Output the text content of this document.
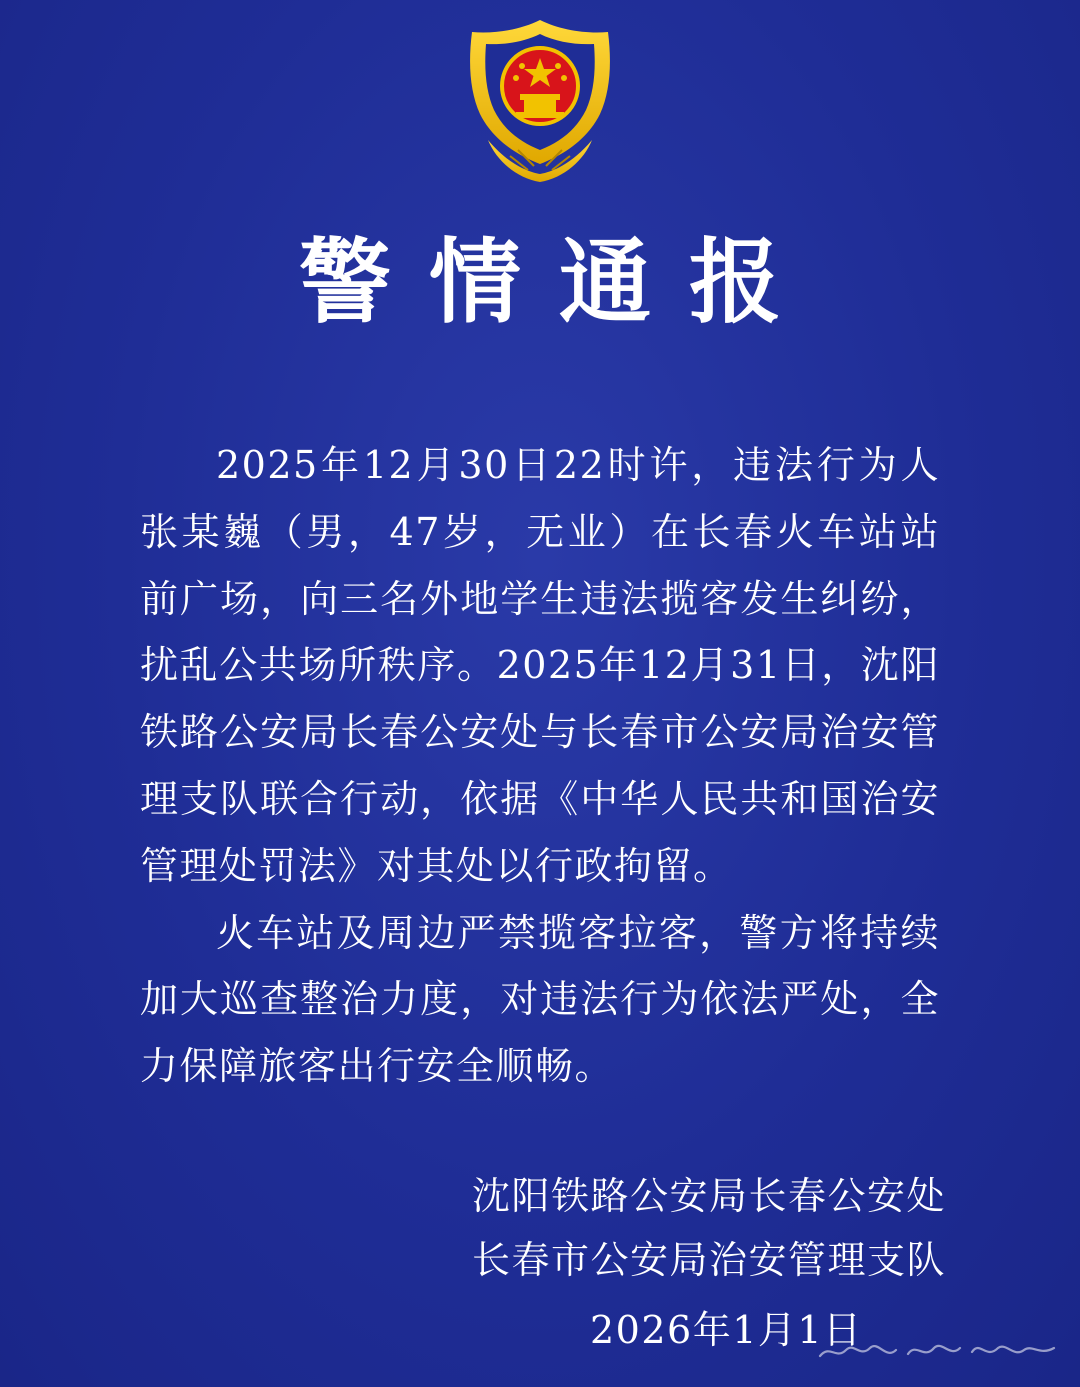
警情通报

2025年12月30日22时许，违法行为人张某巍（男，47岁，无业）在长春火车站站前广场，向三名外地学生违法揽客发生纠纷，扰乱公共场所秩序。2025年12月31日，沈阳铁路公安局长春公安处与长春市公安局治安管理支队联合行动，依据《中华人民共和国治安管理处罚法》对其处以行政拘留。

火车站及周边严禁揽客拉客，警方将持续加大巡查整治力度，对违法行为依法严处，全力保障旅客出行安全顺畅。

沈阳铁路公安局长春公安处
长春市公安局治安管理支队
2026年1月1日
